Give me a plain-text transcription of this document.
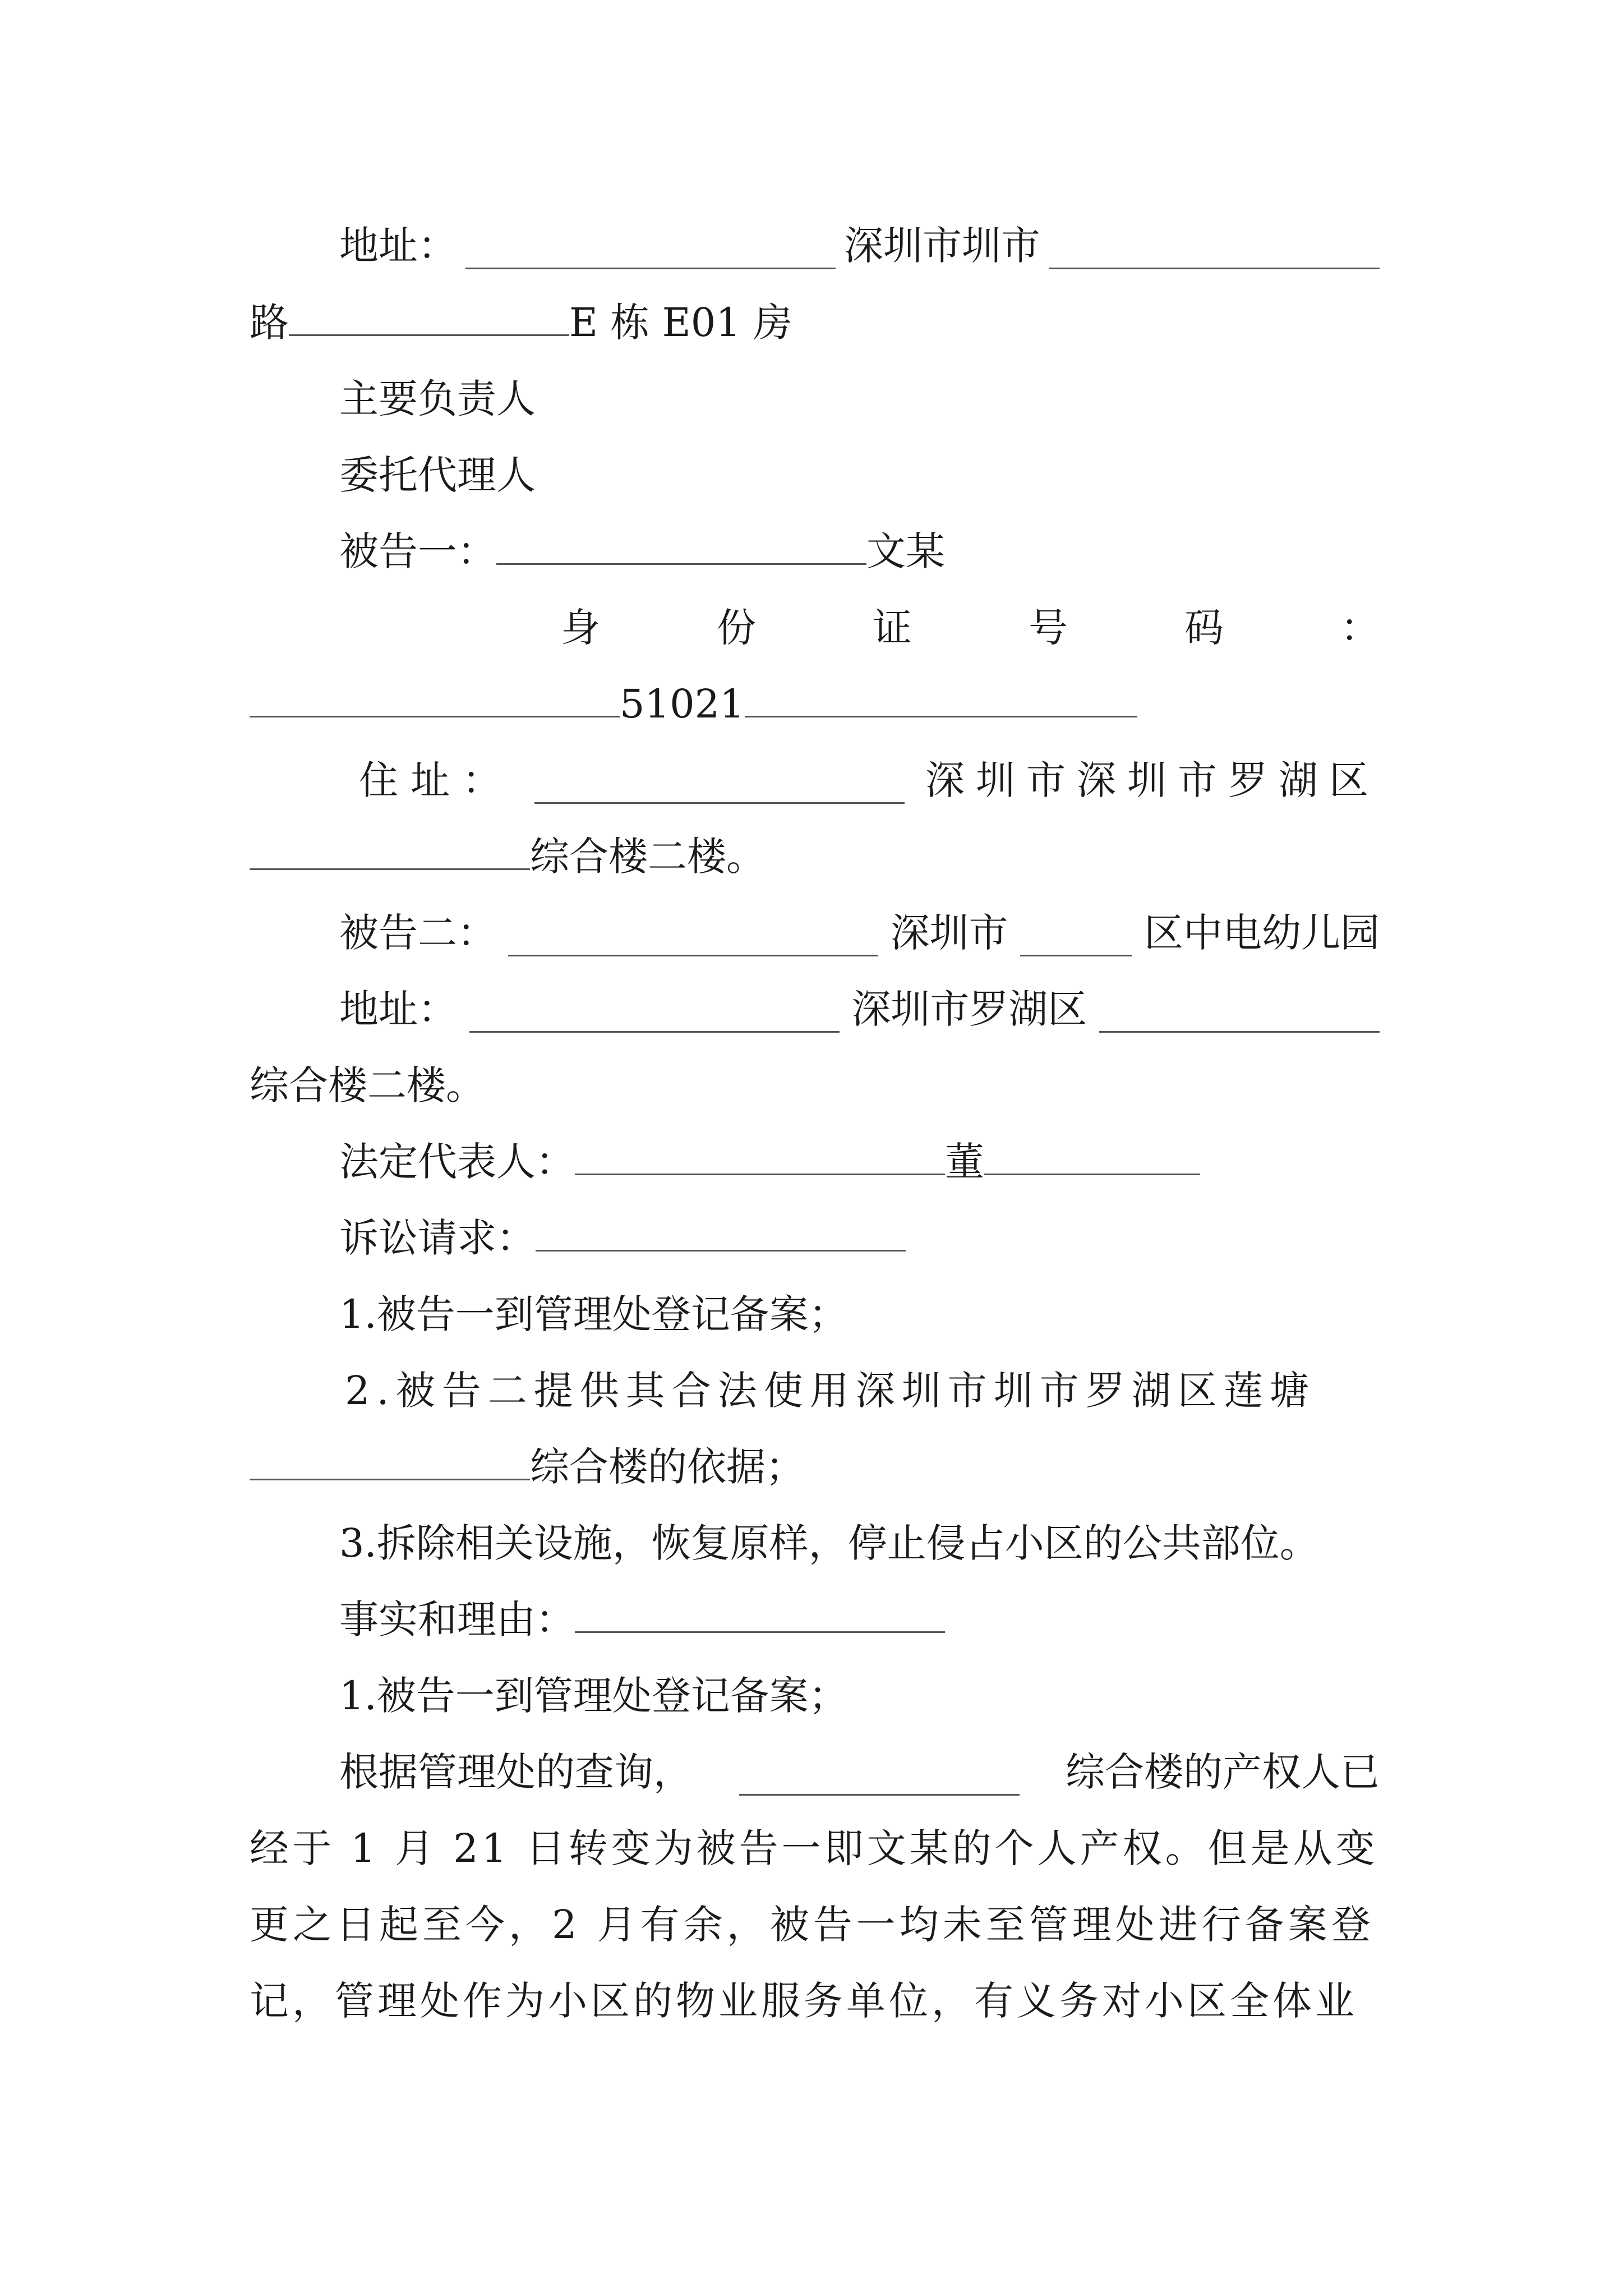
地址：	深圳市圳市
路	E 栋 E01 房
主要负责人
委托代理人
被告一：	文某
身	份	证	号	码	：
51021
住址：	深圳市深圳市罗湖区
综合楼二楼。
被告二：	深圳市	区中电幼儿园
地址：	深圳市罗湖区
综合楼二楼。
法定代表人：	董
诉讼请求：
1.被告一到管理处登记备案；
2.被告二提供其合法使用深圳市圳市罗湖区莲塘
综合楼的依据；
3.拆除相关设施，恢复原样，停止侵占小区的公共部位。
事实和理由：
1.被告一到管理处登记备案；
根据管理处的查询，	综合楼的产权人已
经于 1 月 21 日转变为被告一即文某的个人产权。但是从变
更之日起至今，2 月有余，被告一均未至管理处进行备案登
记，管理处作为小区的物业服务单位，有义务对小区全体业
